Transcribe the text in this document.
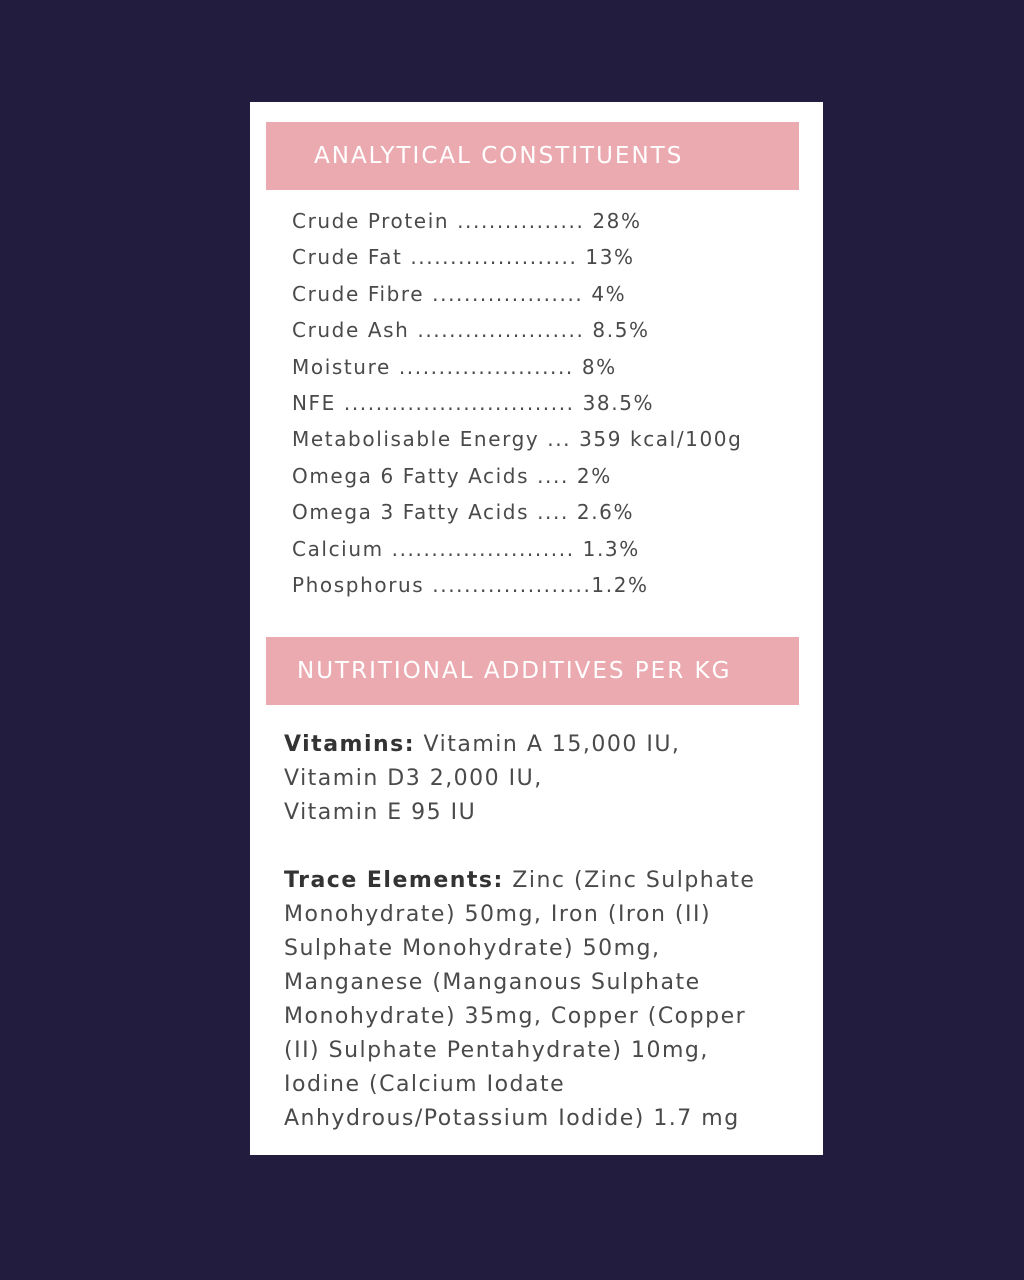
ANALYTICAL CONSTITUENTS
Crude Protein ................ 28%
Crude Fat ..................... 13%
Crude Fibre ................... 4%
Crude Ash ..................... 8.5%
Moisture ...................... 8%
NFE ............................. 38.5%
Metabolisable Energy ... 359 kcal/100g
Omega 6 Fatty Acids .... 2%
Omega 3 Fatty Acids .... 2.6%
Calcium ....................... 1.3%
Phosphorus ....................1.2%
NUTRITIONAL ADDITIVES PER KG
Vitamins: Vitamin A 15,000 IU,
Vitamin D3 2,000 IU,
Vitamin E 95 IU
Trace Elements: Zinc (Zinc Sulphate
Monohydrate) 50mg, Iron (Iron (II)
Sulphate Monohydrate) 50mg,
Manganese (Manganous Sulphate
Monohydrate) 35mg, Copper (Copper
(II) Sulphate Pentahydrate) 10mg,
Iodine (Calcium Iodate
Anhydrous/Potassium Iodide) 1.7 mg
